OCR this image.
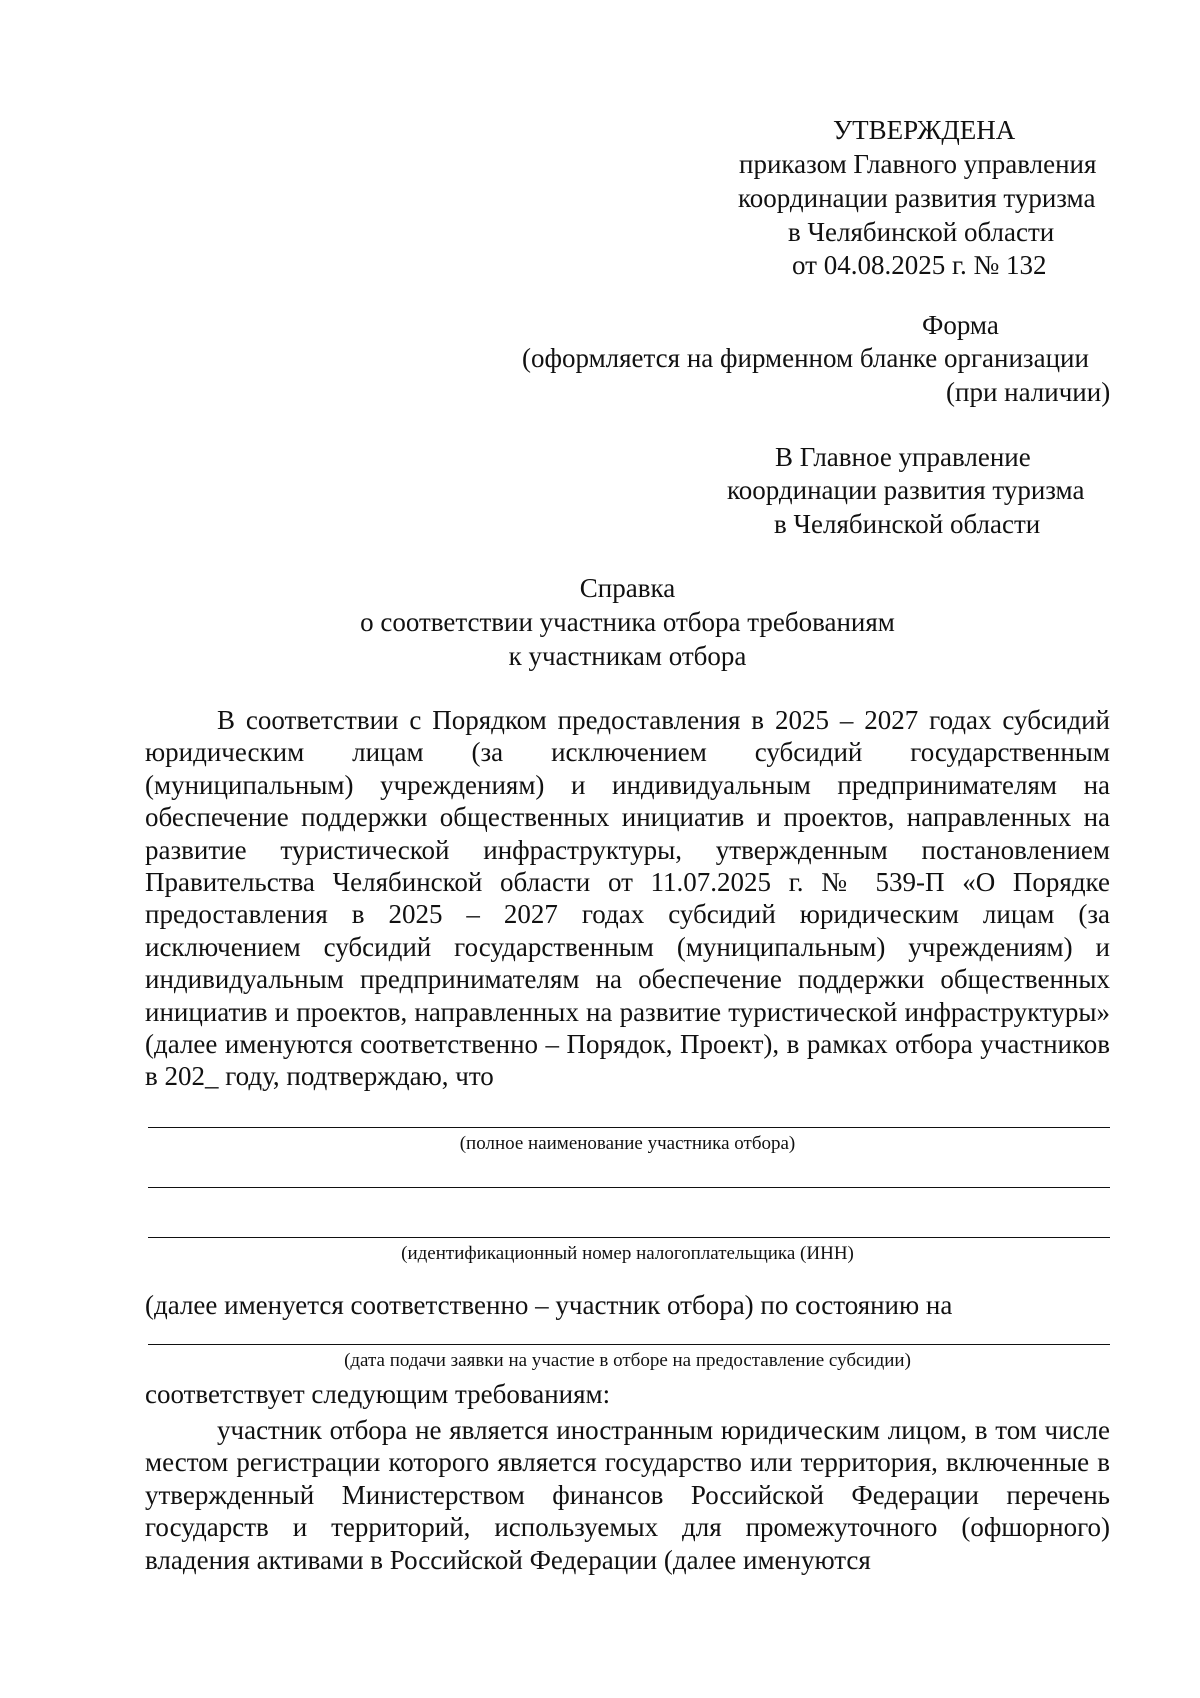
УТВЕРЖДЕНА
приказом Главного управления
координации развития туризма
в Челябинской области
от 04.08.2025 г. № 132
Форма
(оформляется на фирменном бланке организации
(при наличии)
В Главное управление
координации развития туризма
в Челябинской области
Справка
о соответствии участника отбора требованиям
к участникам отбора
В соответствии с Порядком предоставления в 2025 – 2027 годах субсидий юридическим лицам (за исключением субсидий государственным (муниципальным) учреждениям) и индивидуальным предпринимателям на обеспечение поддержки общественных инициатив и проектов, направленных на развитие туристической инфраструктуры, утвержденным постановлением Правительства Челябинской области от 11.07.2025 г. № 539-П «О Порядке предоставления в 2025 – 2027 годах субсидий юридическим лицам (за исключением субсидий государственным (муниципальным) учреждениям) и индивидуальным предпринимателям на обеспечение поддержки общественных инициатив и проектов, направленных на развитие туристической инфраструктуры» (далее именуются соответственно – Порядок, Проект), в рамках отбора участников в 202_ году, подтверждаю, что
(полное наименование участника отбора)
(идентификационный номер налогоплательщика (ИНН)
(далее именуется соответственно – участник отбора) по состоянию на
(дата подачи заявки на участие в отборе на предоставление субсидии)
соответствует следующим требованиям:
участник отбора не является иностранным юридическим лицом, в том числе местом регистрации которого является государство или территория, включенные в утвержденный Министерством финансов Российской Федерации перечень государств и территорий, используемых для промежуточного (офшорного) владения активами в Российской Федерации (далее именуются
